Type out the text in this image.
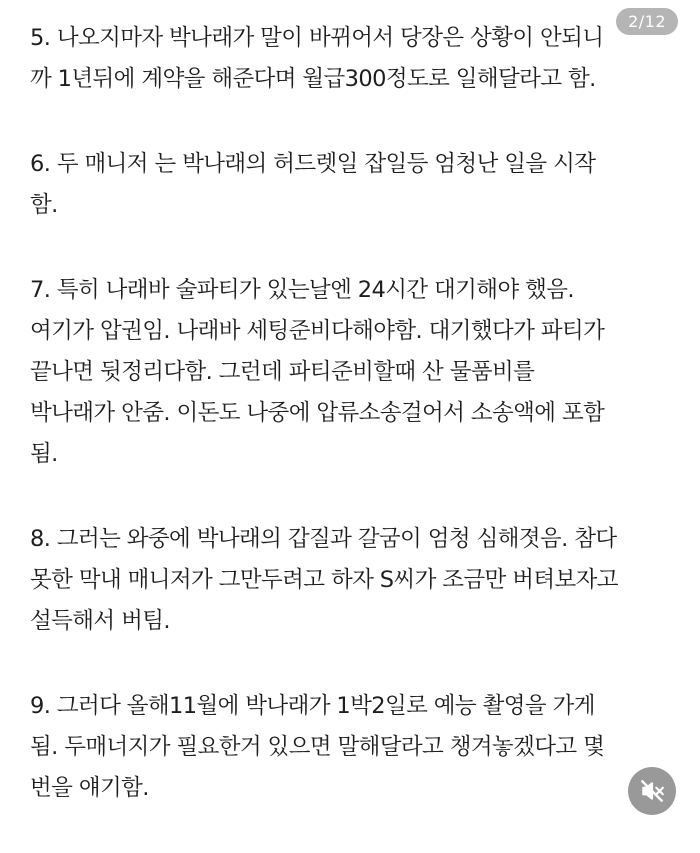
5. 나오지마자 박나래가 말이 바뀌어서 당장은 상황이 안되니
까 1년뒤에 계약을 해준다며 월급300정도로 일해달라고 함.

6. 두 매니저 는 박나래의 허드렛일 잡일등 엄청난 일을 시작
함.

7. 특히 나래바 술파티가 있는날엔 24시간 대기해야 했음.
여기가 압권임. 나래바 세팅준비다해야함. 대기했다가 파티가
끝나면 뒷정리다함. 그런데 파티준비할때 산 물품비를
박나래가 안줌. 이돈도 나중에 압류소송걸어서 소송액에 포함
됨.

8. 그러는 와중에 박나래의 갑질과 갈굼이 엄청 심해졋음. 참다
못한 막내 매니저가 그만두려고 하자 S씨가 조금만 버텨보자고
설득해서 버팀.

9. 그러다 올해11월에 박나래가 1박2일로 예능 촬영을 가게
됨. 두매너지가 필요한거 있으면 말해달라고 챙겨놓겠다고 몇
번을 얘기함.

2/12
